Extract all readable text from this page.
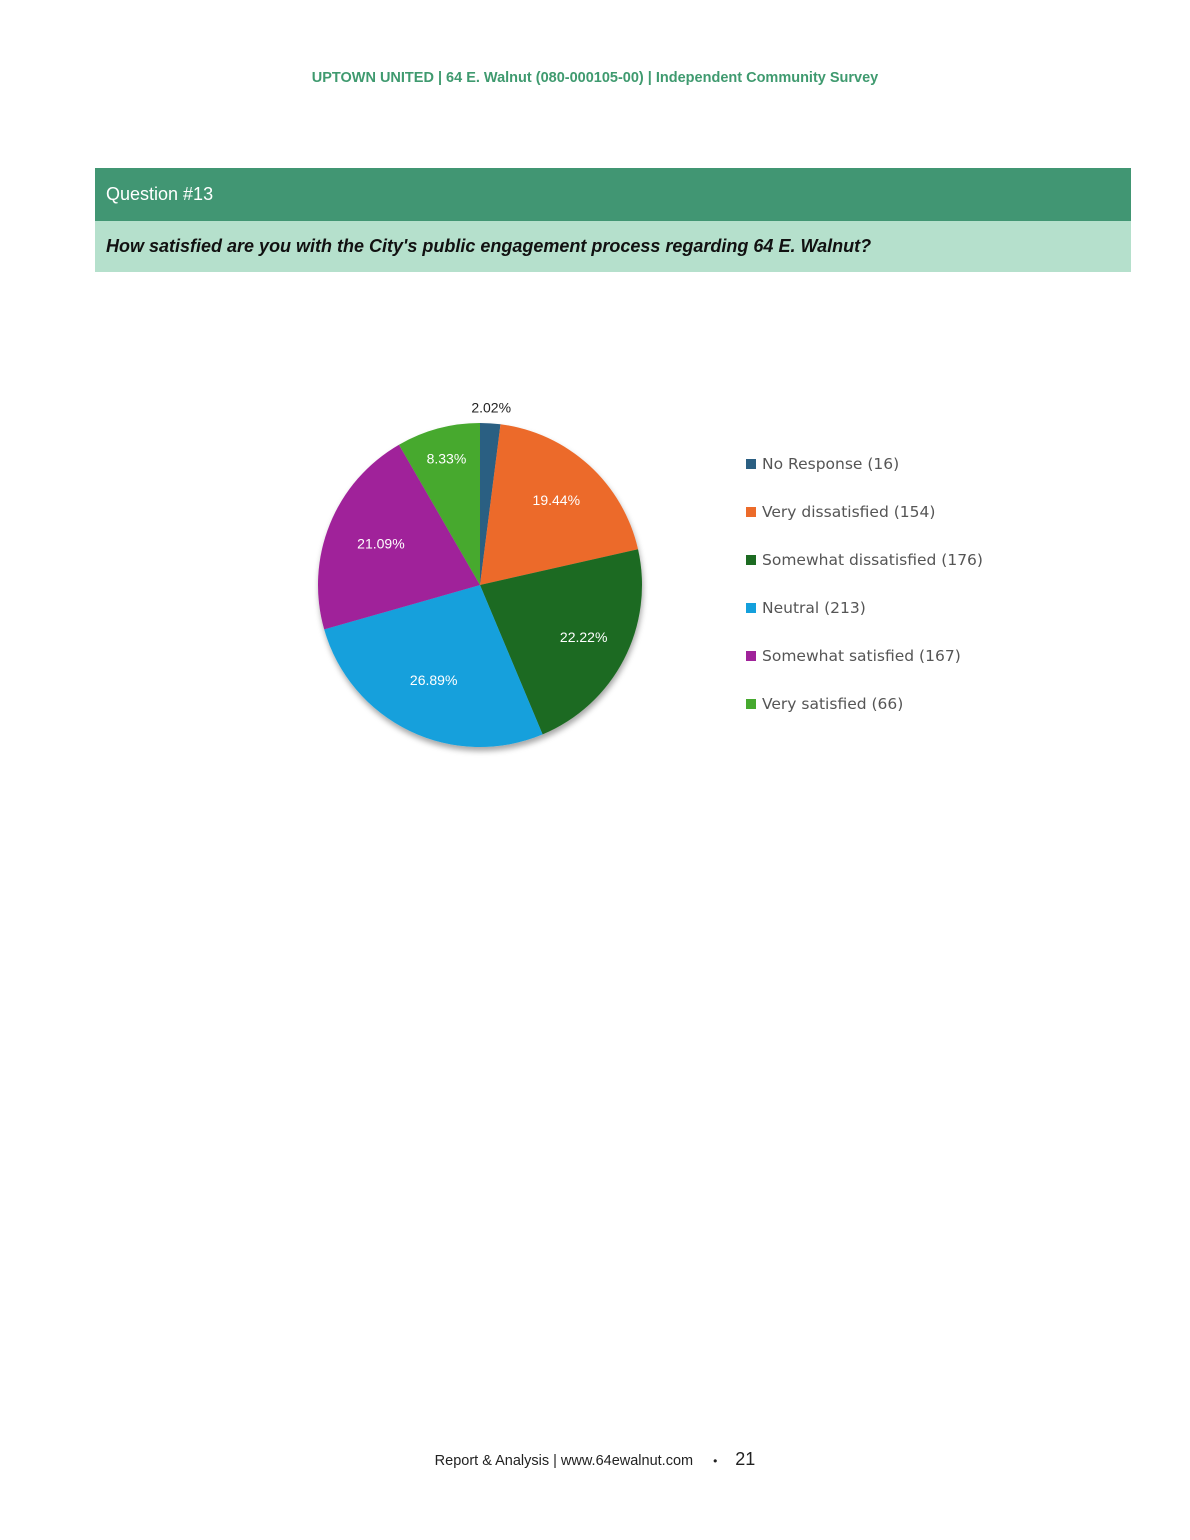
UPTOWN UNITED | 64 E. Walnut (080-000105-00) | Independent Community Survey
Question #13
How satisfied are you with the City's public engagement process regarding 64 E. Walnut?
2.02%
19.44%
22.22%
26.89%
21.09%
8.33%	No Response (16)
Very dissatisfied (154)
Somewhat dissatisfied (176)
Neutral (213)
Somewhat satisfied (167)
Very satisfied (66)
Report & Analysis | www.64ewalnut.com • 21
